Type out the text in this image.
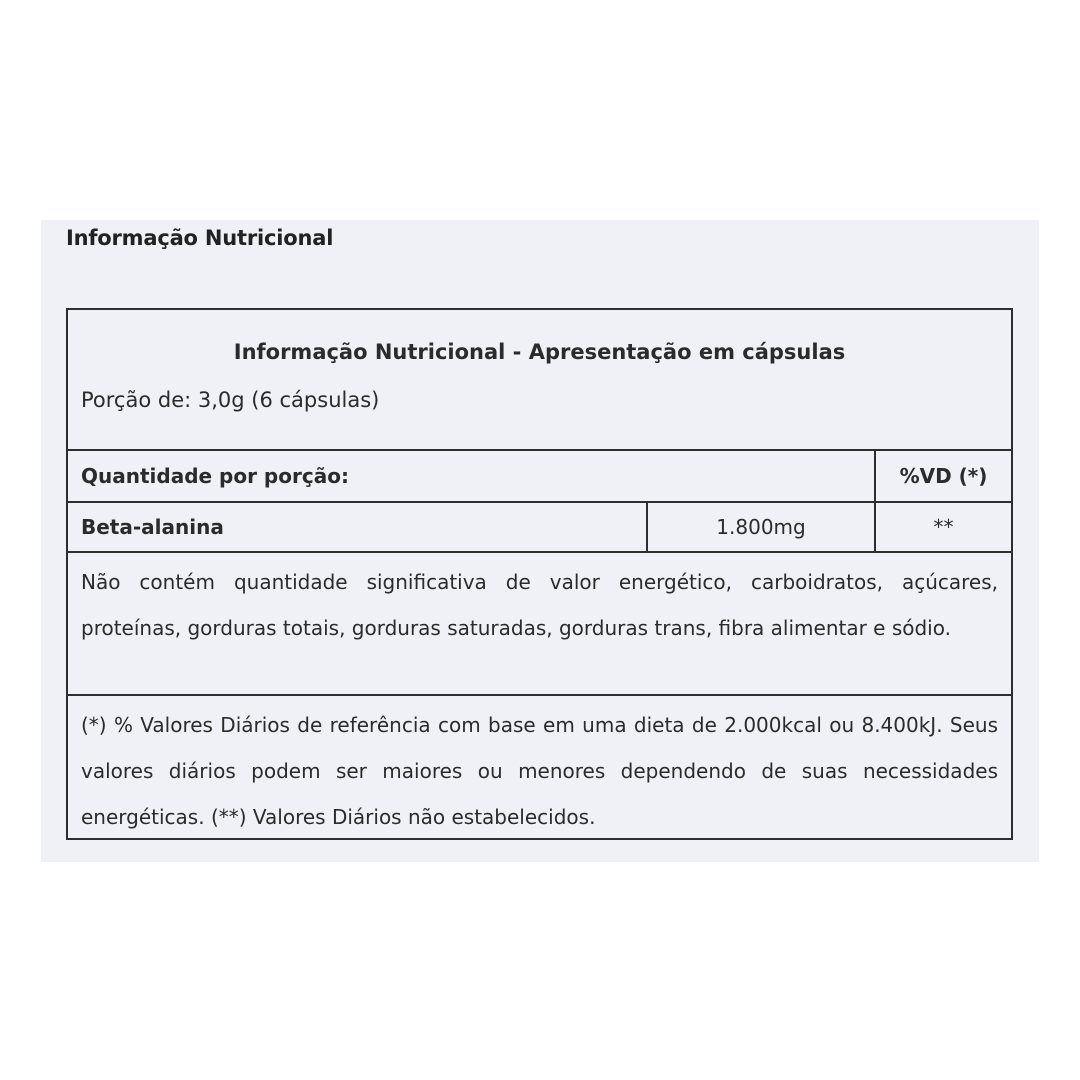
Informação Nutricional
Informação Nutricional - Apresentação em cápsulas
Porção de: 3,0g (6 cápsulas)
Quantidade por porção:	%VD (*)
Beta-alanina	1.800mg	**
Não contém quantidade significativa de valor energético, carboidratos, açúcares, proteínas, gorduras totais, gorduras saturadas, gorduras trans, fibra alimentar e sódio.
(*) % Valores Diários de referência com base em uma dieta de 2.000kcal ou 8.400kJ. Seus valores diários podem ser maiores ou menores dependendo de suas necessidades energéticas. (**) Valores Diários não estabelecidos.
